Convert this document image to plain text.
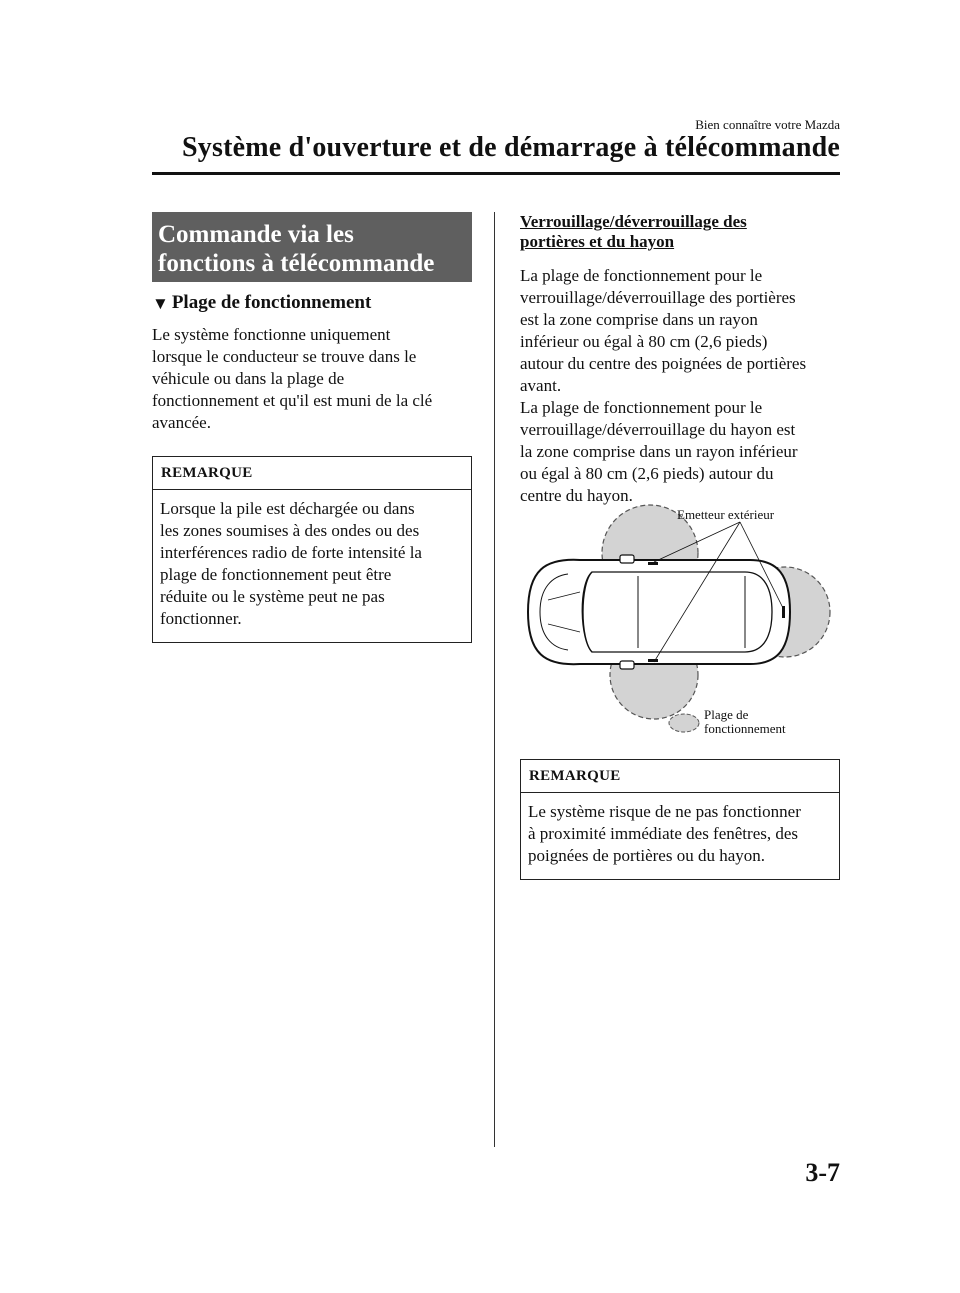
Bien connaître votre Mazda
Système d'ouverture et de démarrage à télécommande
Commande via les
fonctions à télécommande
▼ Plage de fonctionnement
Le système fonctionne uniquement
lorsque le conducteur se trouve dans le
véhicule ou dans la plage de
fonctionnement et qu'il est muni de la clé
avancée.
REMARQUE
Lorsque la pile est déchargée ou dans
les zones soumises à des ondes ou des
interférences radio de forte intensité la
plage de fonctionnement peut être
réduite ou le système peut ne pas
fonctionner.
Verrouillage/déverrouillage des
portières et du hayon
La plage de fonctionnement pour le
verrouillage/déverrouillage des portières
est la zone comprise dans un rayon
inférieur ou égal à 80 cm (2,6 pieds)
autour du centre des poignées de portières
avant.
La plage de fonctionnement pour le
verrouillage/déverrouillage du hayon est
la zone comprise dans un rayon inférieur
ou égal à 80 cm (2,6 pieds) autour du
centre du hayon.
Emetteur extérieur
Plage de
fonctionnement
REMARQUE
Le système risque de ne pas fonctionner
à proximité immédiate des fenêtres, des
poignées de portières ou du hayon.
3-7
